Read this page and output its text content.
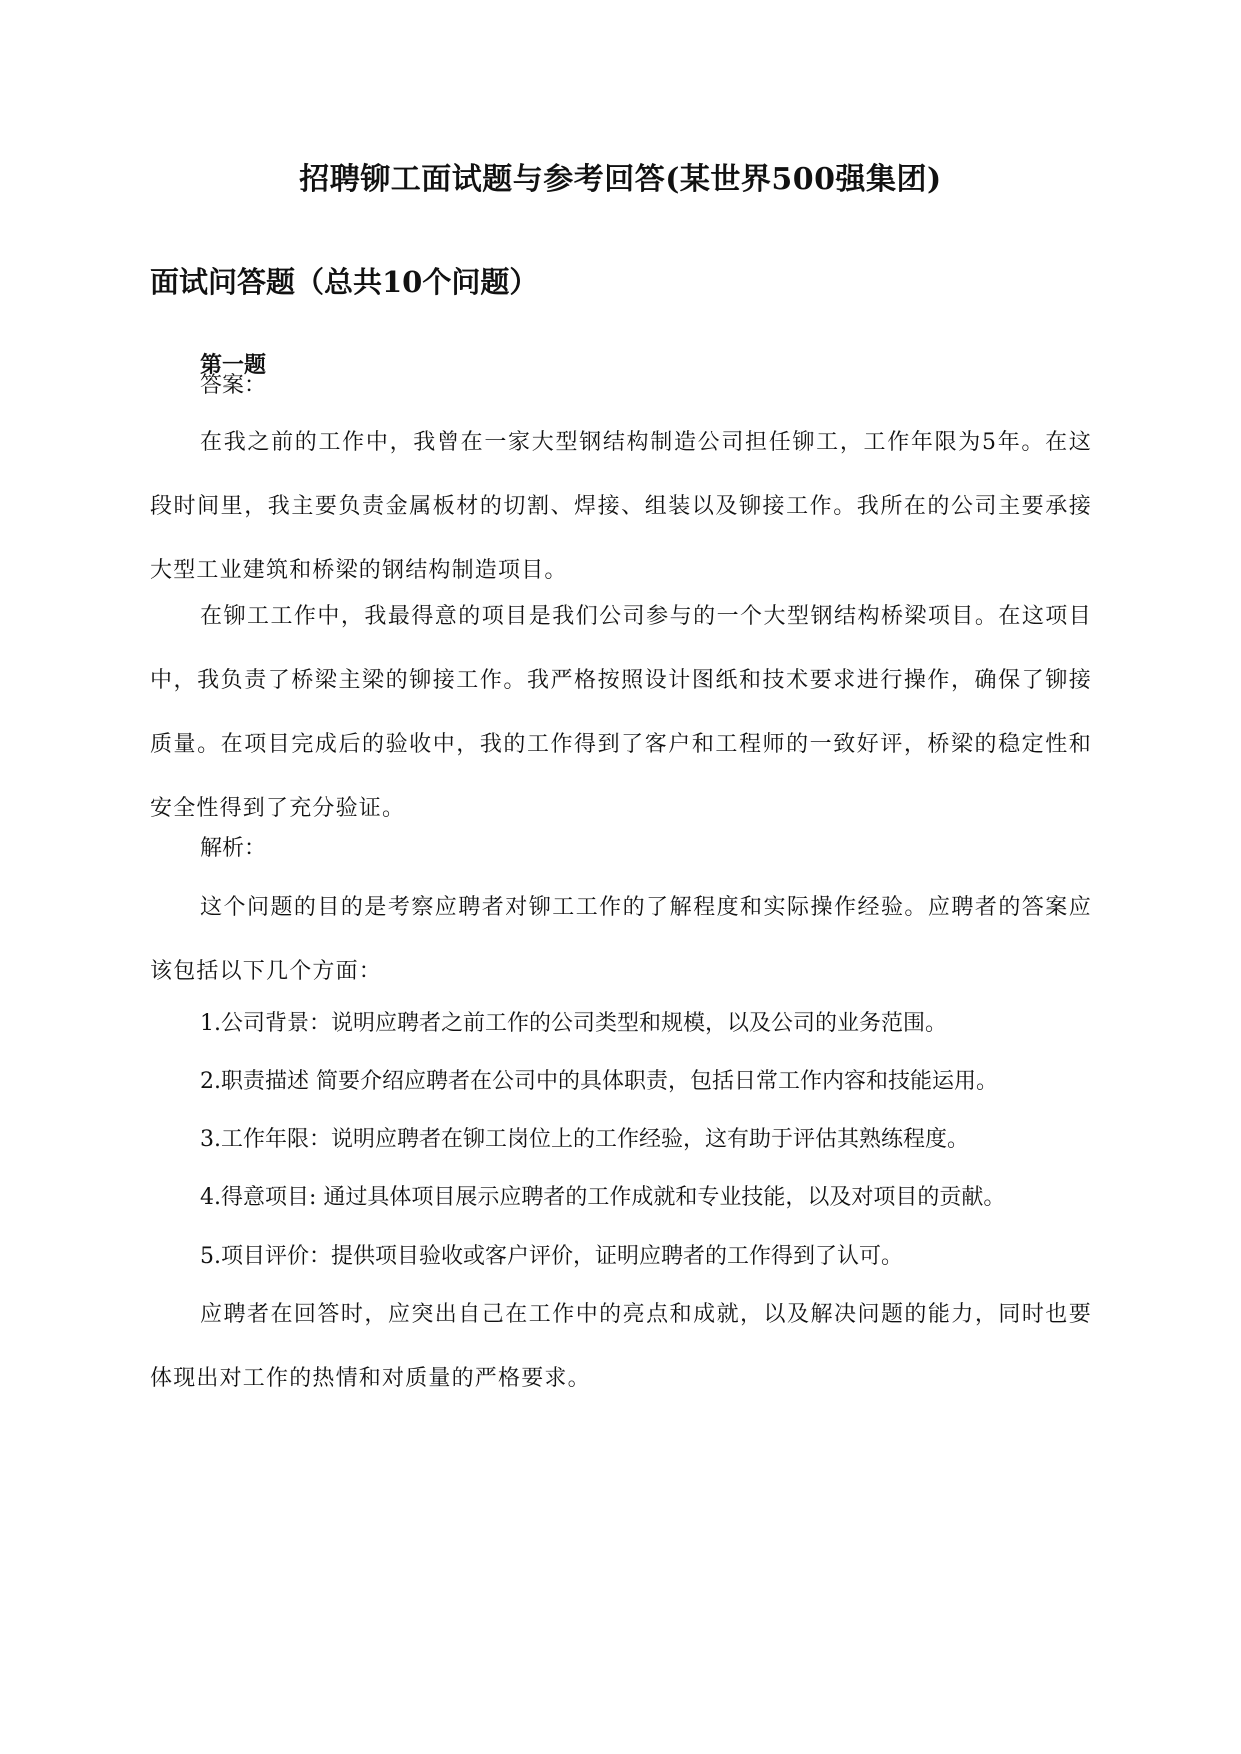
招聘铆工面试题与参考回答(某世界500强集团)
面试问答题（总共10个问题）
第一题
答案：
在我之前的工作中，我曾在一家大型钢结构制造公司担任铆工，工作年限为5年。在这段时间里，我主要负责金属板材的切割、焊接、组装以及铆接工作。我所在的公司主要承接大型工业建筑和桥梁的钢结构制造项目。
在铆工工作中，我最得意的项目是我们公司参与的一个大型钢结构桥梁项目。在这项目中，我负责了桥梁主梁的铆接工作。我严格按照设计图纸和技术要求进行操作，确保了铆接质量。在项目完成后的验收中，我的工作得到了客户和工程师的一致好评，桥梁的稳定性和安全性得到了充分验证。
解析：
这个问题的目的是考察应聘者对铆工工作的了解程度和实际操作经验。应聘者的答案应该包括以下几个方面：
1.公司背景：说明应聘者之前工作的公司类型和规模，以及公司的业务范围。
2.职责描述 简要介绍应聘者在公司中的具体职责，包括日常工作内容和技能运用。
3.工作年限：说明应聘者在铆工岗位上的工作经验，这有助于评估其熟练程度。
4.得意项目: 通过具体项目展示应聘者的工作成就和专业技能，以及对项目的贡献。
5.项目评价：提供项目验收或客户评价，证明应聘者的工作得到了认可。
应聘者在回答时，应突出自己在工作中的亮点和成就，以及解决问题的能力，同时也要体现出对工作的热情和对质量的严格要求。
